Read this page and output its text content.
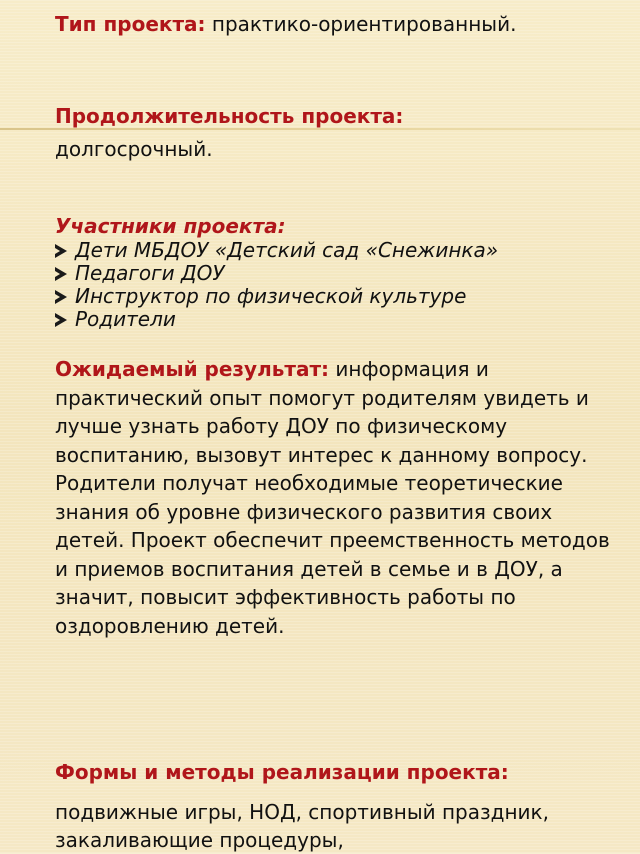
Тип проекта: практико-ориентированный.
Продолжительность проекта:
долгосрочный.
Участники проекта:
Дети МБДОУ «Детский сад «Снежинка»
Педагоги ДОУ
Инструктор по физической культуре
Родители
Ожидаемый результат: информация и практический опыт помогут родителям увидеть и лучше узнать работу ДОУ по физическому воспитанию, вызовут интерес к данному вопросу. Родители получат необходимые теоретические знания об уровне физического развития своих детей. Проект обеспечит преемственность методов и приемов воспитания детей в семье и в ДОУ, а значит, повысит эффективность работы по оздоровлению детей.
Формы и методы реализации проекта:
подвижные игры, НОД, спортивный праздник, закаливающие процедуры,
